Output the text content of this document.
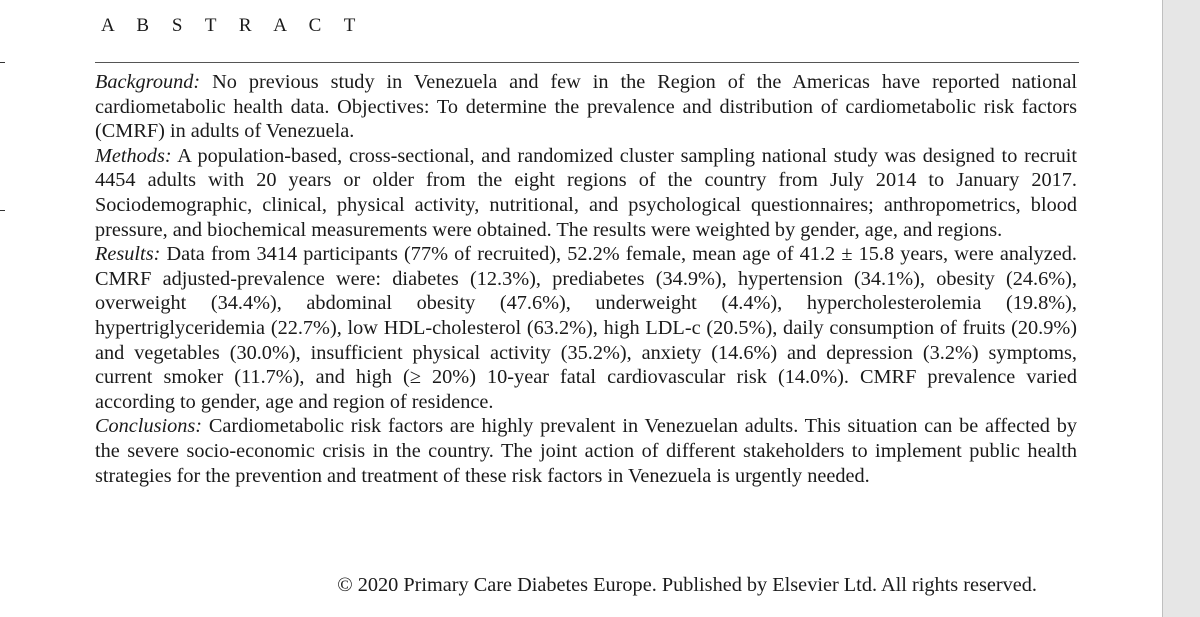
A B S T R A C T

Background: No previous study in Venezuela and few in the Region of the Americas have reported national cardiometabolic health data. Objectives: To determine the prevalence and distribution of cardiometabolic risk factors (CMRF) in adults of Venezuela.

Methods: A population-based, cross-sectional, and randomized cluster sampling national study was designed to recruit 4454 adults with 20 years or older from the eight regions of the country from July 2014 to January 2017. Sociodemographic, clinical, physical activity, nutritional, and psychological questionnaires; anthropometrics, blood pressure, and biochemical measurements were obtained. The results were weighted by gender, age, and regions.

Results: Data from 3414 participants (77% of recruited), 52.2% female, mean age of 41.2 ± 15.8 years, were analyzed. CMRF adjusted-prevalence were: diabetes (12.3%), prediabetes (34.9%), hypertension (34.1%), obesity (24.6%), overweight (34.4%), abdominal obesity (47.6%), underweight (4.4%), hypercholesterolemia (19.8%), hypertriglyceridemia (22.7%), low HDL-cholesterol (63.2%), high LDL-c (20.5%), daily consumption of fruits (20.9%) and vegetables (30.0%), insufficient physical activity (35.2%), anxiety (14.6%) and depression (3.2%) symptoms, current smoker (11.7%), and high (≥ 20%) 10-year fatal cardiovascular risk (14.0%). CMRF prevalence varied according to gender, age and region of residence.

Conclusions: Cardiometabolic risk factors are highly prevalent in Venezuelan adults. This situation can be affected by the severe socio-economic crisis in the country. The joint action of different stakeholders to implement public health strategies for the prevention and treatment of these risk factors in Venezuela is urgently needed.

© 2020 Primary Care Diabetes Europe. Published by Elsevier Ltd. All rights reserved.
